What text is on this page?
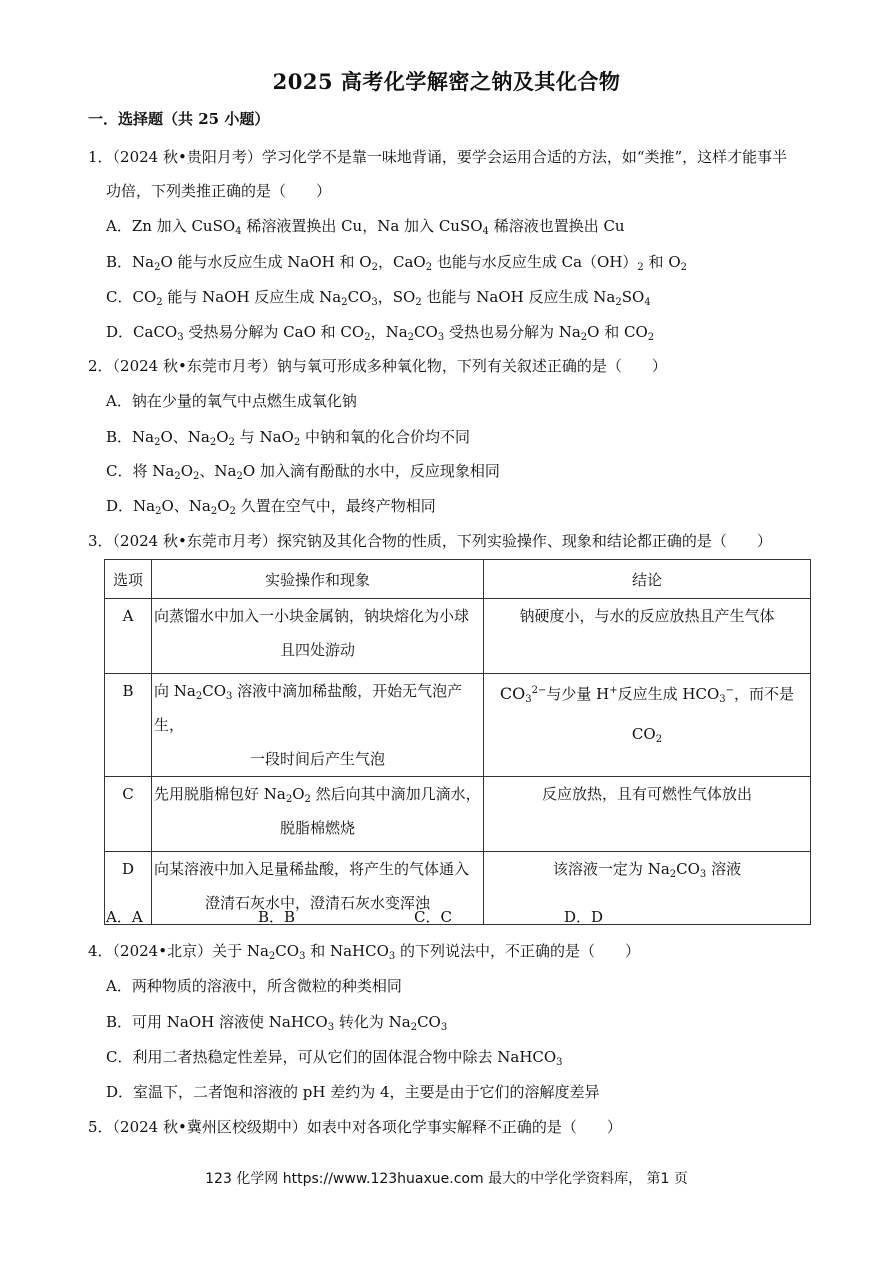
2025 高考化学解密之钠及其化合物
一．选择题（共 25 小题）
1．（2024 秋•贵阳月考）学习化学不是靠一味地背诵，要学会运用合适的方法，如“类推”，这样才能事半
功倍，下列类推正确的是（　　）
A．Zn 加入 CuSO$_4$ 稀溶液置换出 Cu，Na 加入 CuSO$_4$ 稀溶液也置换出 Cu
B．$Na_2O$ 能与水反应生成 NaOH 和 $O_2$，CaO$_2$ 也能与水反应生成 $Ca(OH)_2$ 和 $O_2$
C．$CO_2$ 能与 NaOH 反应生成 $Na_2CO_3$，$SO_2$ 也能与 NaOH 反应生成 $Na_2SO_4$
D．CaCO$_3$ 受热易分解为 CaO 和 $CO_2$，$Na_2CO_3$ 受热也易分解为 $Na_2O$ 和 $CO_2$
2．（2024 秋•东莞市月考）钠与氧可形成多种氧化物，下列有关叙述正确的是（　　）
A．钠在少量的氧气中点燃生成氧化钠
B．$Na_2O$、$Na_2O_2$ 与 NaO$_2$ 中钠和氧的化合价均不同
C．将 $Na_2O_2$、$Na_2O$ 加入滴有酚酞的水中，反应现象相同
D．$Na_2O$、$Na_2O_2$ 久置在空气中，最终产物相同
3．（2024 秋•东莞市月考）探究钠及其化合物的性质，下列实验操作、现象和结论都正确的是（　　）
选项	实验操作和现象	结论

A	向蒸馏水中加入一小块金属钠，钠块熔化为小球
且四处游动	钠硬度小，与水的反应放热且产生气体

B	向 $Na_2CO_3$ 溶液中滴加稀盐酸，开始无气泡产生，
一段时间后产生气泡	$CO_3^{2-}$与少量 H+反应生成 $HCO_3^-$，而不是 $CO_2$

C	先用脱脂棉包好 $Na_2O_2$ 然后向其中滴加几滴水，
脱脂棉燃烧	反应放热，且有可燃性气体放出

D	向某溶液中加入足量稀盐酸，将产生的气体通入
澄清石灰水中，澄清石灰水变浑浊	该溶液一定为 $Na_2CO_3$ 溶液
A．A	B．B	C．C	D．D
4．（2024•北京）关于 $Na_2CO_3$ 和 NaHCO$_3$ 的下列说法中，不正确的是（　　）
A．两种物质的溶液中，所含微粒的种类相同
B．可用 NaOH 溶液使 NaHCO$_3$ 转化为 $Na_2CO_3$
C．利用二者热稳定性差异，可从它们的固体混合物中除去 NaHCO$_3$
D．室温下，二者饱和溶液的 pH 差约为 4，主要是由于它们的溶解度差异
5．（2024 秋•冀州区校级期中）如表中对各项化学事实解释不正确的是（　　）
123 化学网 https://www.123huaxue.com 最大的中学化学资料库， 第1 页
